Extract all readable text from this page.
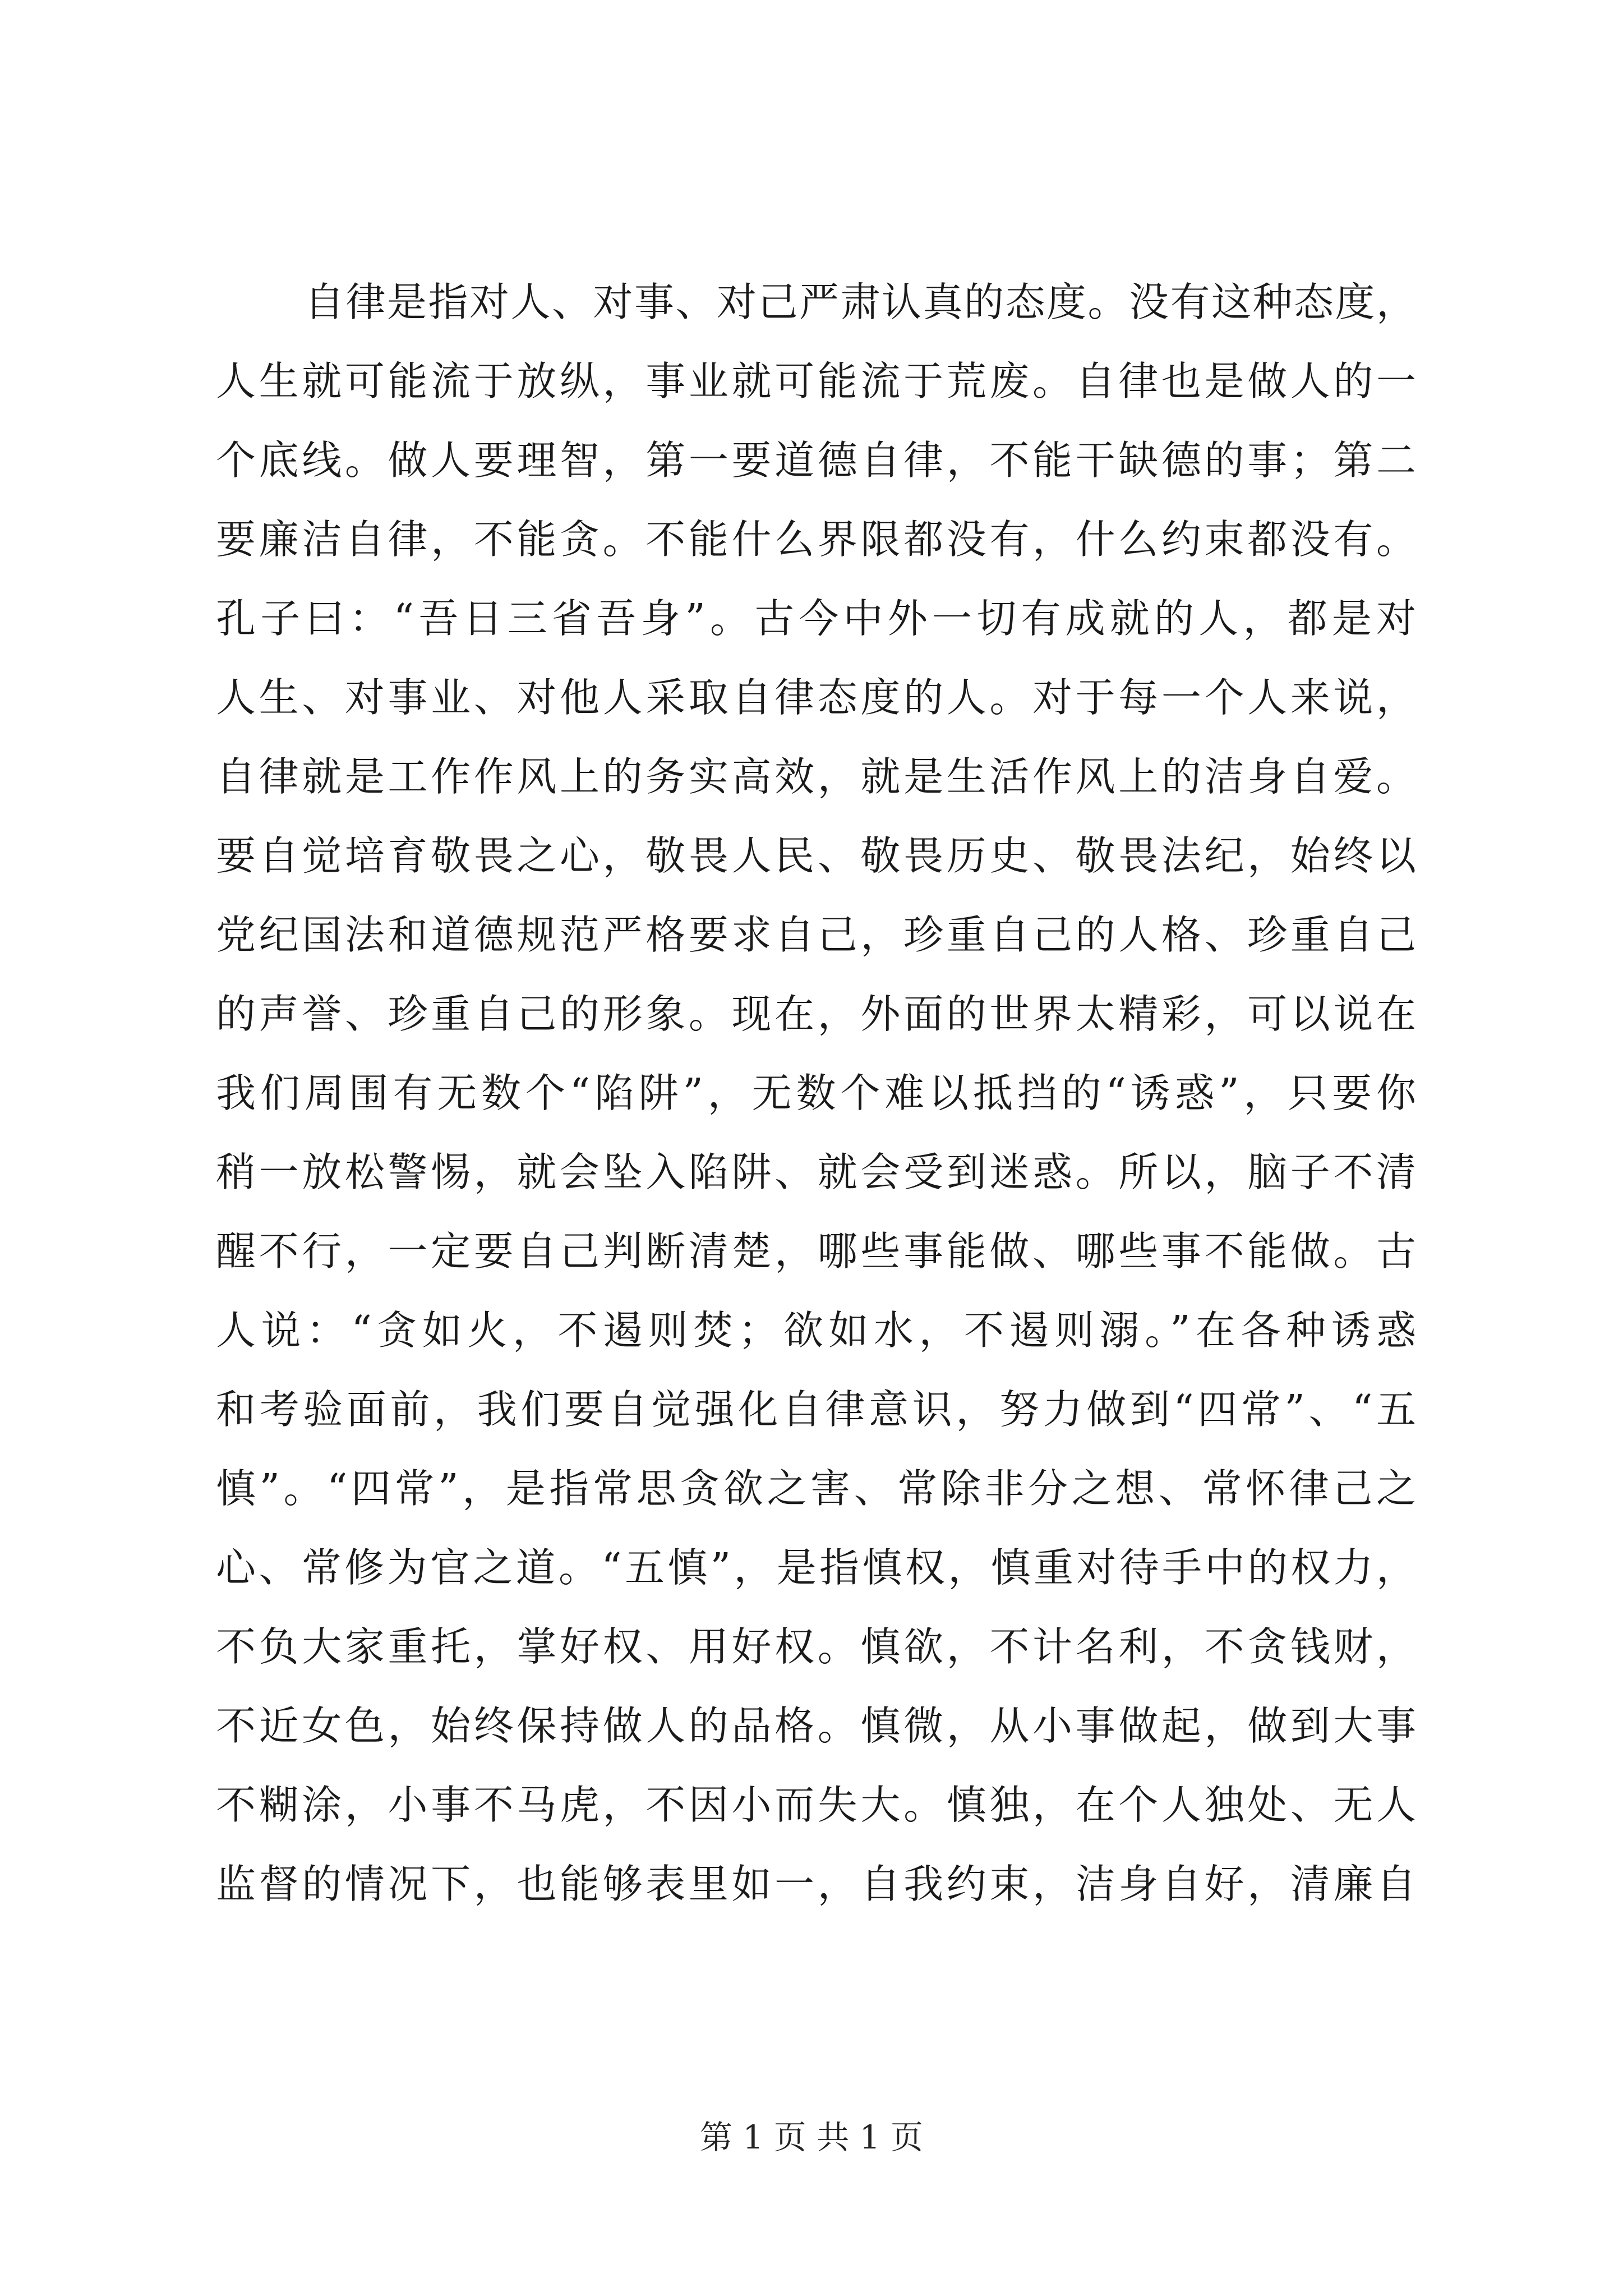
自律是指对人、对事、对己严肃认真的态度。没有这种态度，
人生就可能流于放纵，事业就可能流于荒废。自律也是做人的一
个底线。做人要理智，第一要道德自律，不能干缺德的事；第二
要廉洁自律，不能贪。不能什么界限都没有，什么约束都没有。
孔子曰：“吾日三省吾身”。古今中外一切有成就的人，都是对
人生、对事业、对他人采取自律态度的人。对于每一个人来说，
自律就是工作作风上的务实高效，就是生活作风上的洁身自爱。
要自觉培育敬畏之心，敬畏人民、敬畏历史、敬畏法纪，始终以
党纪国法和道德规范严格要求自己，珍重自己的人格、珍重自己
的声誉、珍重自己的形象。现在，外面的世界太精彩，可以说在
我们周围有无数个“陷阱”，无数个难以抵挡的“诱惑”，只要你
稍一放松警惕，就会坠入陷阱、就会受到迷惑。所以，脑子不清
醒不行，一定要自己判断清楚，哪些事能做、哪些事不能做。古
人说：“贪如火，不遏则焚；欲如水，不遏则溺。”在各种诱惑
和考验面前，我们要自觉强化自律意识，努力做到“四常”、“五
慎”。“四常”，是指常思贪欲之害、常除非分之想、常怀律己之
心、常修为官之道。“五慎”，是指慎权，慎重对待手中的权力，
不负大家重托，掌好权、用好权。慎欲，不计名利，不贪钱财，
不近女色，始终保持做人的品格。慎微，从小事做起，做到大事
不糊涂，小事不马虎，不因小而失大。慎独，在个人独处、无人
监督的情况下，也能够表里如一，自我约束，洁身自好，清廉自
第 1 页 共 1 页
